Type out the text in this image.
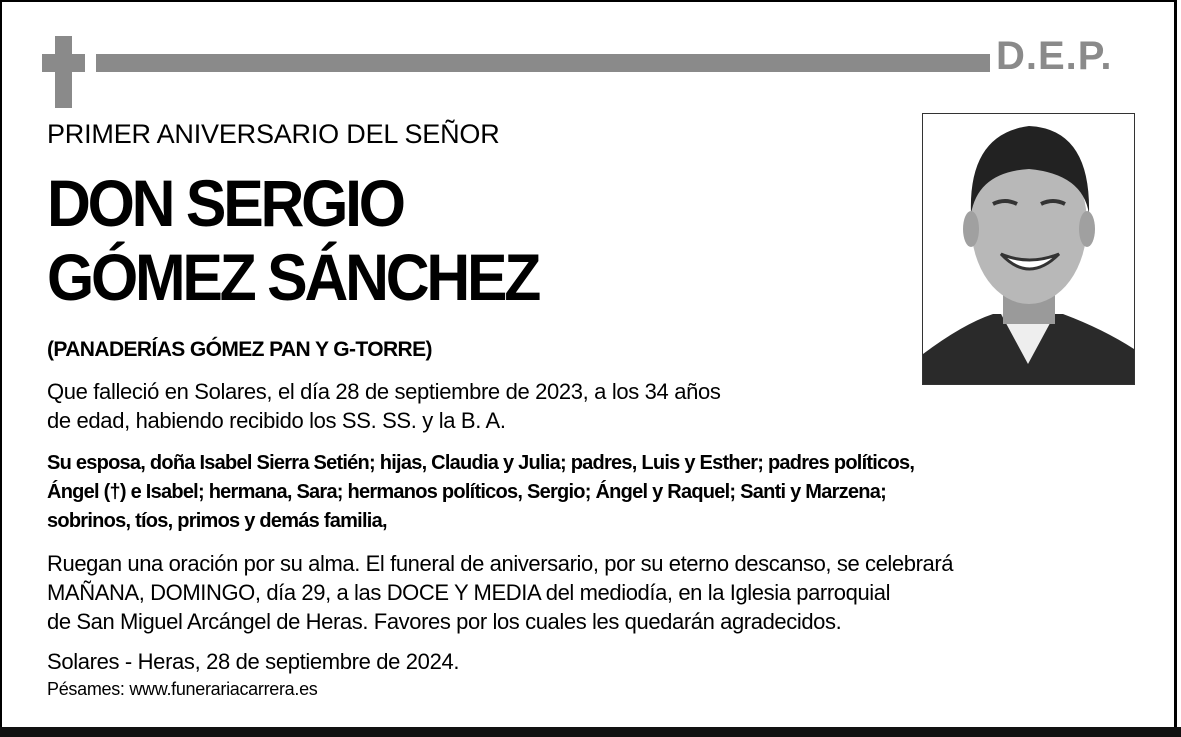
D.E.P.
PRIMER ANIVERSARIO DEL SEÑOR
DON SERGIO
GÓMEZ SÁNCHEZ
(PANADERÍAS GÓMEZ PAN Y G-TORRE)
Que falleció en Solares, el día 28 de septiembre de 2023, a los 34 años
de edad, habiendo recibido los SS. SS. y la B. A.
Su esposa, doña Isabel Sierra Setién; hijas, Claudia y Julia; padres, Luis y Esther; padres políticos,
Ángel (†) e Isabel; hermana, Sara; hermanos políticos, Sergio; Ángel y Raquel; Santi y Marzena;
sobrinos, tíos, primos y demás familia,
Ruegan una oración por su alma. El funeral de aniversario, por su eterno descanso, se celebrará
MAÑANA, DOMINGO, día 29, a las DOCE Y MEDIA del mediodía, en la Iglesia parroquial
de San Miguel Arcángel de Heras. Favores por los cuales les quedarán agradecidos.
Solares - Heras, 28 de septiembre de 2024.
Pésames: www.funerariacarrera.es
